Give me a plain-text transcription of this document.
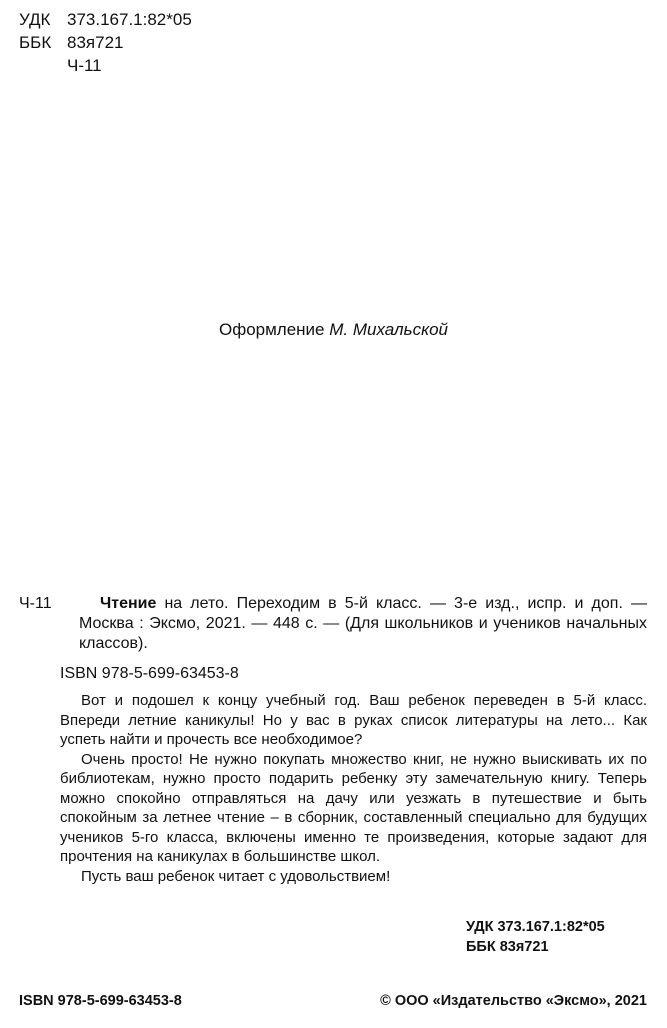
УДК 373.167.1:82*05
ББК 83я721
Ч-11
Оформление М. Михальской
Ч-11	Чтение на лето. Переходим в 5-й класс. — 3-е изд., испр. и доп. — Москва : Эксмо, 2021. — 448 с. — (Для школьников и учеников начальных классов).
ISBN 978-5-699-63453-8

Вот и подошел к концу учебный год. Ваш ребенок переведен в 5-й класс. Впереди летние каникулы! Но у вас в руках список литературы на лето... Как успеть найти и прочесть все необходимое?

Очень просто! Не нужно покупать множество книг, не нужно выискивать их по библиотекам, нужно просто подарить ребенку эту замечательную книгу. Теперь можно спокойно отправляться на дачу или уезжать в путешествие и быть спокойным за летнее чтение – в сборник, составленный специально для будущих учеников 5-го класса, включены именно те произведения, которые задают для прочтения на каникулах в большинстве школ.

Пусть ваш ребенок читает с удовольствием!

УДК 373.167.1:82*05
ББК 83я721
ISBN 978-5-699-63453-8	© ООО «Издательство «Эксмо», 2021
